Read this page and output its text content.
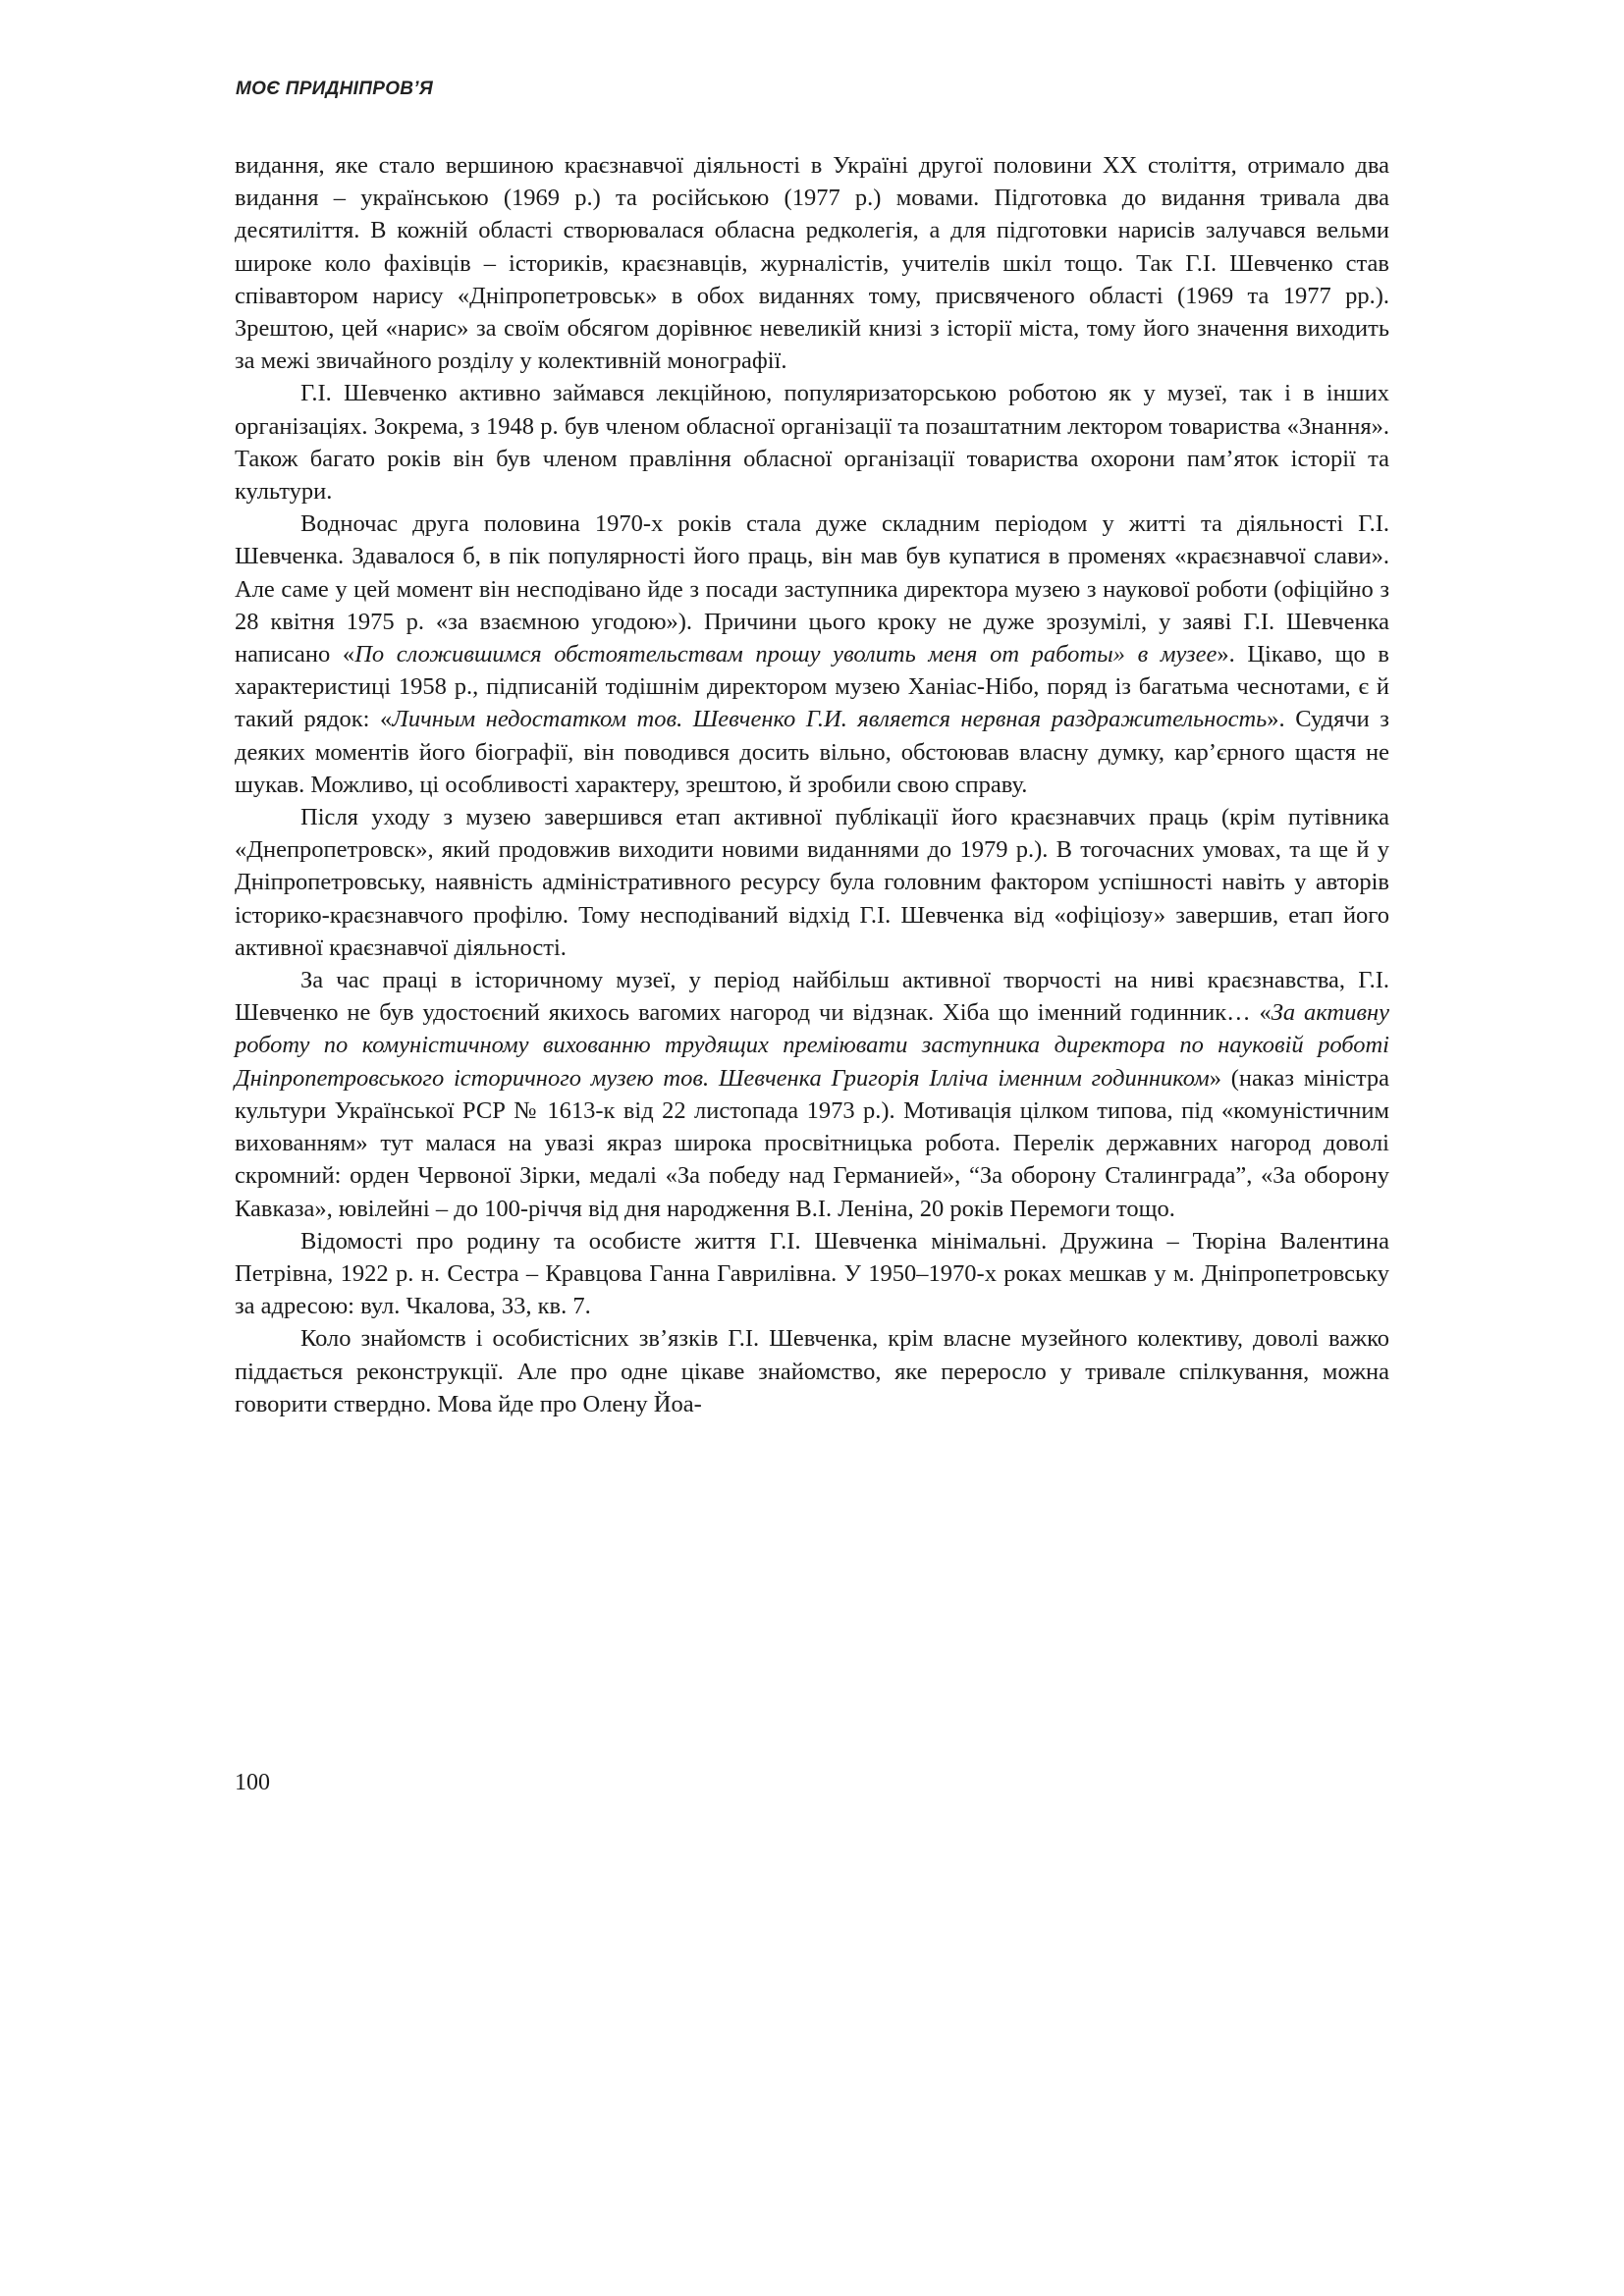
МОЄ ПРИДНІПРОВ’Я

видання, яке стало вершиною краєзнавчої діяльності в Україні другої половини ХХ століття, отримало два видання – українською (1969 р.) та російською (1977 р.) мовами. Підготовка до видання тривала два десятиліття. В кожній області створювалася обласна редколегія, а для підготовки нарисів залучався вельми широке коло фахівців – істориків, краєзнавців, журналістів, учителів шкіл тощо. Так Г.І. Шевченко став співавтором нарису «Дніпропетровськ» в обох виданнях тому, присвяченого області (1969 та 1977 рр.). Зрештою, цей «нарис» за своїм обсягом дорівнює невеликій книзі з історії міста, тому його значення виходить за межі звичайного розділу у колективній монографії.

Г.І. Шевченко активно займався лекційною, популяризаторською роботою як у музеї, так і в інших організаціях. Зокрема, з 1948 р. був членом обласної організації та позаштатним лектором товариства «Знання». Також багато років він був членом правління обласної організації товариства охорони пам’яток історії та культури.

Водночас друга половина 1970-х років стала дуже складним періодом у житті та діяльності Г.І. Шевченка. Здавалося б, в пік популярності його праць, він мав був купатися в променях «краєзнавчої слави». Але саме у цей момент він несподівано йде з посади заступника директора музею з наукової роботи (офіційно з 28 квітня 1975 р. «за взаємною угодою»). Причини цього кроку не дуже зрозумілі, у заяві Г.І. Шевченка написано «По сложившимся обстоятельствам прошу уволить меня от работы» в музее». Цікаво, що в характеристиці 1958 р., підписаній тодішнім директором музею Ханіас-Нібо, поряд із багатьма чеснотами, є й такий рядок: «Личным недостатком тов. Шевченко Г.И. является нервная раздражительность». Судячи з деяких моментів його біографії, він поводився досить вільно, обстоював власну думку, кар’єрного щастя не шукав. Можливо, ці особливості характеру, зрештою, й зробили свою справу.

Після уходу з музею завершився етап активної публікації його краєзнавчих праць (крім путівника «Днепропетровск», який продовжив виходити новими виданнями до 1979 р.). В тогочасних умовах, та ще й у Дніпропетровську, наявність адміністративного ресурсу була головним фактором успішності навіть у авторів історико-краєзнавчого профілю. Тому несподіваний відхід Г.І. Шевченка від «офіціозу» завершив, етап його активної краєзнавчої діяльності.

За час праці в історичному музеї, у період найбільш активної творчості на ниві краєзнавства, Г.І. Шевченко не був удостоєний якихось вагомих нагород чи відзнак. Хіба що іменний годинник… «За активну роботу по комуністичному вихованню трудящих преміювати заступника директора по науковій роботі Дніпропетровського історичного музею тов. Шевченка Григорія Ілліча іменним годинником» (наказ міністра культури Української РСР № 1613-к від 22 листопада 1973 р.). Мотивація цілком типова, під «комуністичним вихованням» тут малася на увазі якраз широка просвітницька робота. Перелік державних нагород доволі скромний: орден Червоної Зірки, медалі «За победу над Германией», “За оборону Сталинграда”, «За оборону Кавказа», ювілейні – до 100-річчя від дня народження В.І. Леніна, 20 років Перемоги тощо.

Відомості про родину та особисте життя Г.І. Шевченка мінімальні. Дружина – Тюріна Валентина Петрівна, 1922 р. н. Сестра – Кравцова Ганна Гаврилівна. У 1950–1970-х роках мешкав у м. Дніпропетровську за адресою: вул. Чкалова, 33, кв. 7.

Коло знайомств і особистісних зв’язків Г.І. Шевченка, крім власне музейного колективу, доволі важко піддається реконструкції. Але про одне цікаве знайомство, яке переросло у тривале спілкування, можна говорити ствердно. Мова йде про Олену Йоа-

100
